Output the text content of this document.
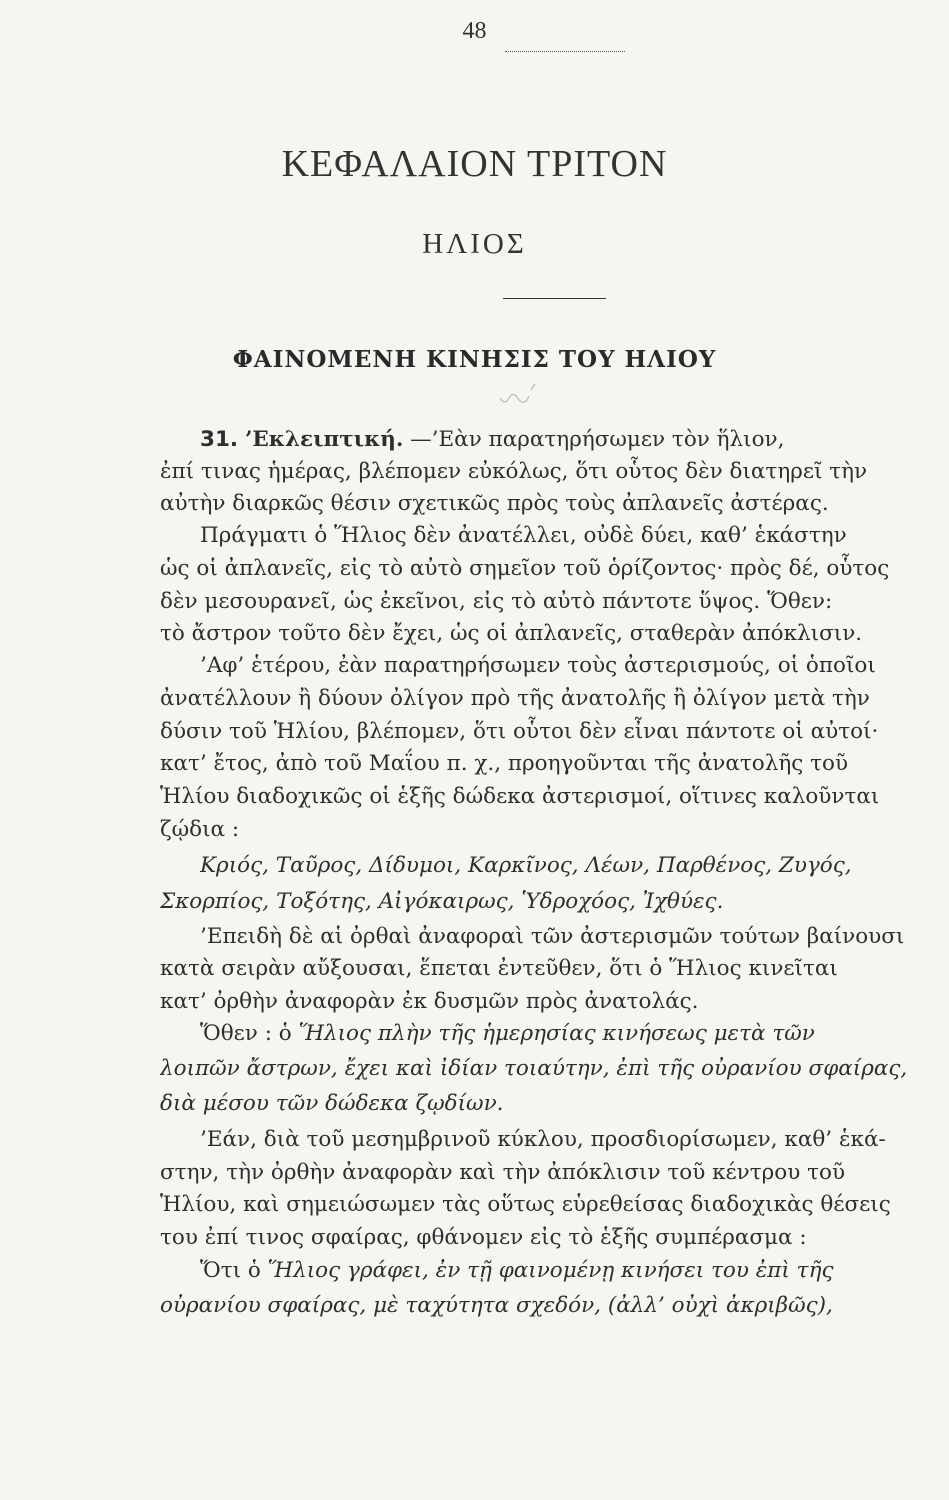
48
ΚΕΦΑΛΑΙΟΝ ΤΡΙΤΟΝ
ΗΛΙΟΣ
ΦΑΙΝΟΜΕΝΗ ΚΙΝΗΣΙΣ ΤΟΥ ΗΛΙΟΥ
31. ’Εκλειπτική. —’Εὰν παρατηρήσωμεν τὸν ἥλιον,
ἐπί τινας ἡμέρας, βλέπομεν εὐκόλως, ὅτι οὗτος δὲν διατηρεῖ τὴν
αὐτὴν διαρκῶς θέσιν σχετικῶς πρὸς τοὺς ἀπλανεῖς ἀστέρας.
Πράγματι ὁ Ἥλιος δὲν ἀνατέλλει, οὐδὲ δύει, καθ’ ἑκάστην
ὡς οἱ ἀπλανεῖς, εἰς τὸ αὐτὸ σημεῖον τοῦ ὁρίζοντος· πρὸς δέ, οὗτος
δὲν μεσουρανεῖ, ὡς ἐκεῖνοι, εἰς τὸ αὐτὸ πάντοτε ὕψος. Ὅθεν:
τὸ ἄστρον τοῦτο δὲν ἔχει, ὡς οἱ ἀπλανεῖς, σταθερὰν ἀπόκλισιν.
’Αφ’ ἑτέρου, ἐὰν παρατηρήσωμεν τοὺς ἀστερισμούς, οἱ ὁποῖοι
ἀνατέλλουν ἢ δύουν ὀλίγον πρὸ τῆς ἀνατολῆς ἢ ὀλίγον μετὰ τὴν
δύσιν τοῦ Ἡλίου, βλέπομεν, ὅτι οὗτοι δὲν εἶναι πάντοτε οἱ αὐτοί·
κατ’ ἔτος, ἀπὸ τοῦ Μαΐου π. χ., προηγοῦνται τῆς ἀνατολῆς τοῦ
Ἡλίου διαδοχικῶς οἱ ἑξῆς δώδεκα ἀστερισμοί, οἵτινες καλοῦνται
ζῴδια :
Κριός, Ταῦρος, Δίδυμοι, Καρκῖνος, Λέων, Παρθένος, Ζυγός,
Σκορπίος, Τοξότης, Αἰγόκαιρως, Ὑδροχόος, Ἰχθύες.
’Επειδὴ δὲ αἱ ὀρθαὶ ἀναφοραὶ τῶν ἀστερισμῶν τούτων βαίνουσι
κατὰ σειρὰν αὔξουσαι, ἕπεται ἐντεῦθεν, ὅτι ὁ Ἥλιος κινεῖται
κατ’ ὀρθὴν ἀναφορὰν ἐκ δυσμῶν πρὸς ἀνατολάς.
Ὅθεν : ὁ Ἥλιος πλὴν τῆς ἡμερησίας κινήσεως μετὰ τῶν
λοιπῶν ἄστρων, ἔχει καὶ ἰδίαν τοιαύτην, ἐπὶ τῆς οὐρανίου σφαίρας,
διὰ μέσου τῶν δώδεκα ζῳδίων.
’Εάν, διὰ τοῦ μεσημβρινοῦ κύκλου, προσδιορίσωμεν, καθ’ ἑκά-
στην, τὴν ὀρθὴν ἀναφορὰν καὶ τὴν ἀπόκλισιν τοῦ κέντρου τοῦ
Ἡλίου, καὶ σημειώσωμεν τὰς οὕτως εὑρεθείσας διαδοχικὰς θέσεις
του ἐπί τινος σφαίρας, φθάνομεν εἰς τὸ ἑξῆς συμπέρασμα :
Ὅτι ὁ Ἥλιος γράφει, ἐν τῇ φαινομένῃ κινήσει του ἐπὶ τῆς
οὐρανίου σφαίρας, μὲ ταχύτητα σχεδόν, (ἀλλ’ οὐχὶ ἀκριβῶς),
